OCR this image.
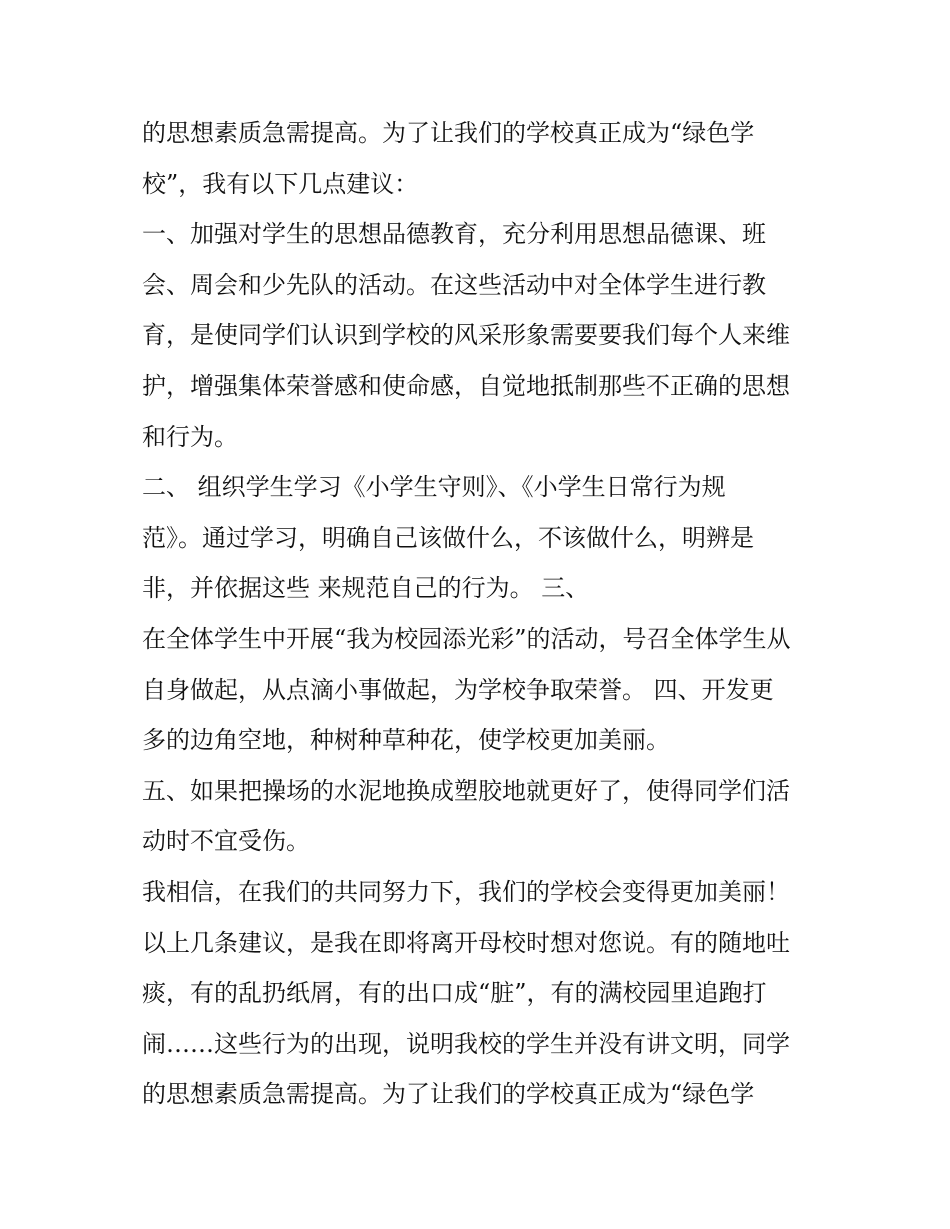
的思想素质急需提高。为了让我们的学校真正成为“绿色学
校”，我有以下几点建议：
一、加强对学生的思想品德教育，充分利用思想品德课、班
会、周会和少先队的活动。在这些活动中对全体学生进行教
育，是使同学们认识到学校的风采形象需要要我们每个人来维
护，增强集体荣誉感和使命感，自觉地抵制那些不正确的思想
和行为。
二、 组织学生学习《小学生守则》、《小学生日常行为规
范》。通过学习，明确自己该做什么，不该做什么，明辨是
非，并依据这些 来规范自己的行为。 三、
在全体学生中开展“我为校园添光彩”的活动，号召全体学生从
自身做起，从点滴小事做起，为学校争取荣誉。 四、开发更
多的边角空地，种树种草种花，使学校更加美丽。
五、如果把操场的水泥地换成塑胶地就更好了，使得同学们活
动时不宜受伤。
我相信，在我们的共同努力下，我们的学校会变得更加美丽！
以上几条建议，是我在即将离开母校时想对您说。有的随地吐
痰，有的乱扔纸屑，有的出口成“脏”，有的满校园里追跑打
闹……这些行为的出现，说明我校的学生并没有讲文明，同学
的思想素质急需提高。为了让我们的学校真正成为“绿色学
